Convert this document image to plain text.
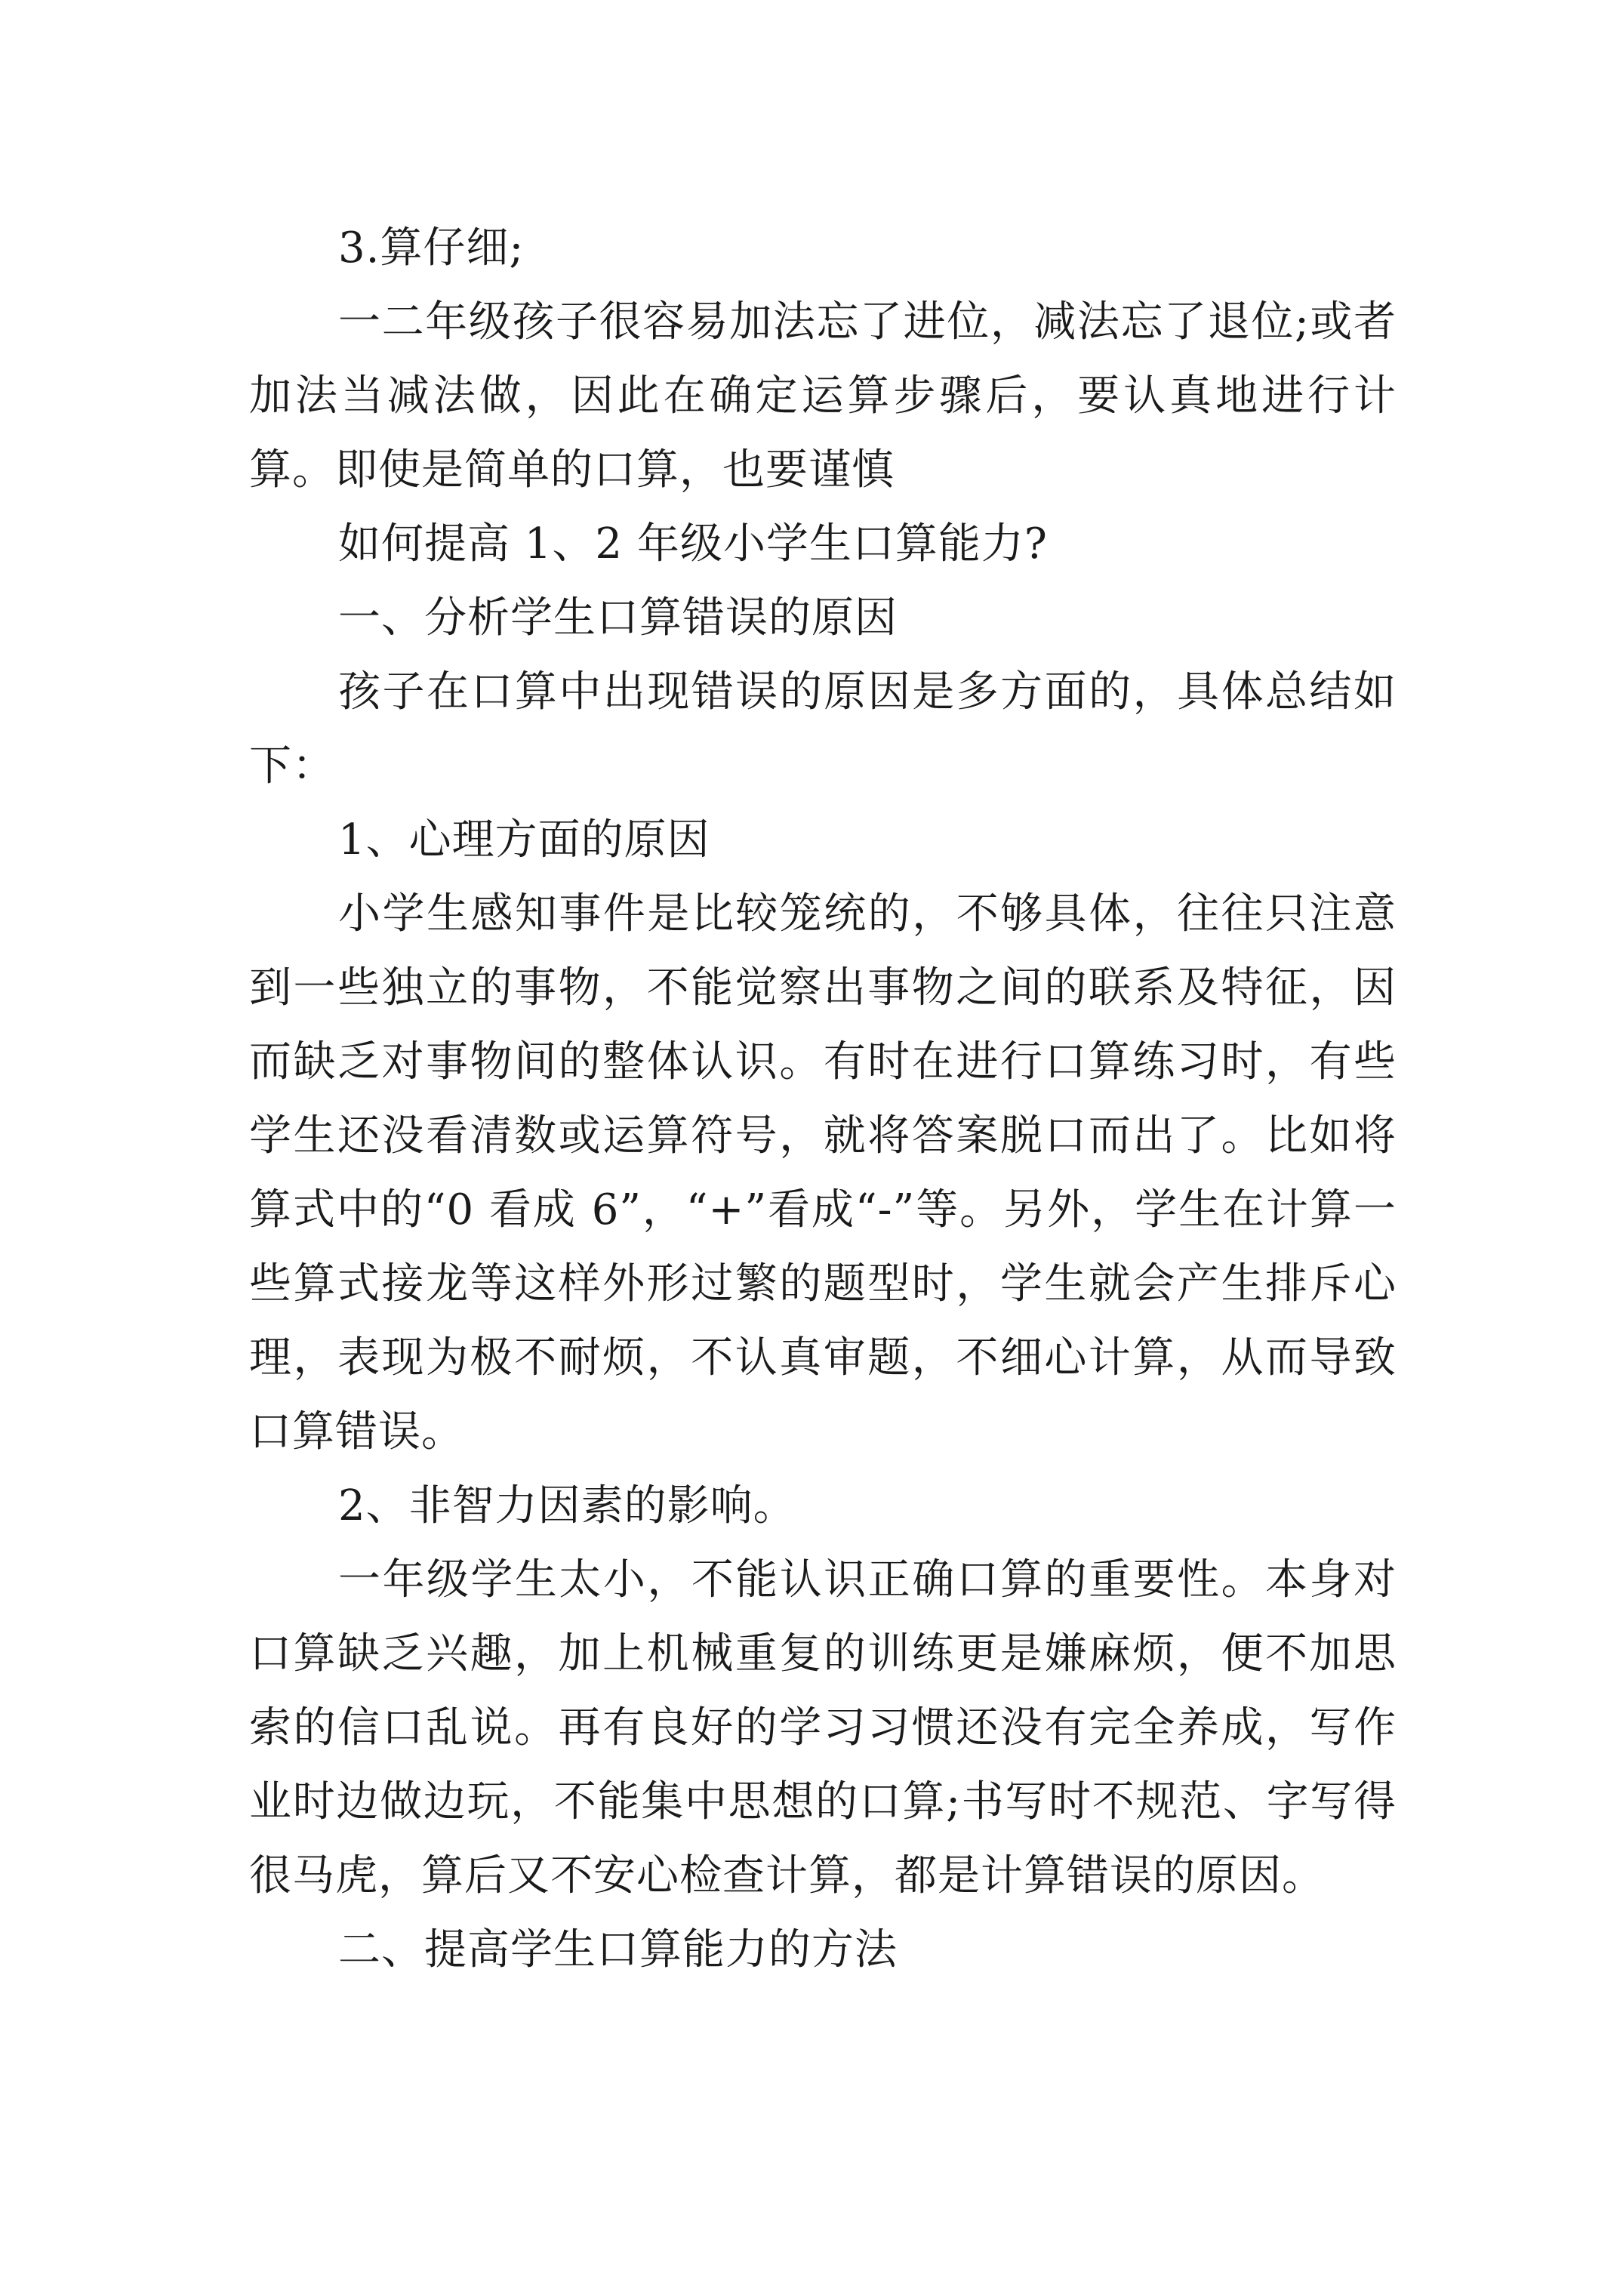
3.算仔细;

一二年级孩子很容易加法忘了进位，减法忘了退位;或者加法当减法做，因此在确定运算步骤后，要认真地进行计算。即使是简单的口算，也要谨慎

如何提高 1、2 年级小学生口算能力?

一、分析学生口算错误的原因

孩子在口算中出现错误的原因是多方面的，具体总结如下：

1、心理方面的原因

小学生感知事件是比较笼统的，不够具体，往往只注意到一些独立的事物，不能觉察出事物之间的联系及特征，因而缺乏对事物间的整体认识。有时在进行口算练习时，有些学生还没看清数或运算符号，就将答案脱口而出了。比如将算式中的“0 看成 6”，“+”看成“-”等。另外，学生在计算一些算式接龙等这样外形过繁的题型时，学生就会产生排斥心理，表现为极不耐烦，不认真审题，不细心计算，从而导致口算错误。

2、非智力因素的影响。

一年级学生太小，不能认识正确口算的重要性。本身对口算缺乏兴趣，加上机械重复的训练更是嫌麻烦，便不加思索的信口乱说。再有良好的学习习惯还没有完全养成，写作业时边做边玩，不能集中思想的口算;书写时不规范、字写得很马虎，算后又不安心检查计算，都是计算错误的原因。

二、提高学生口算能力的方法
